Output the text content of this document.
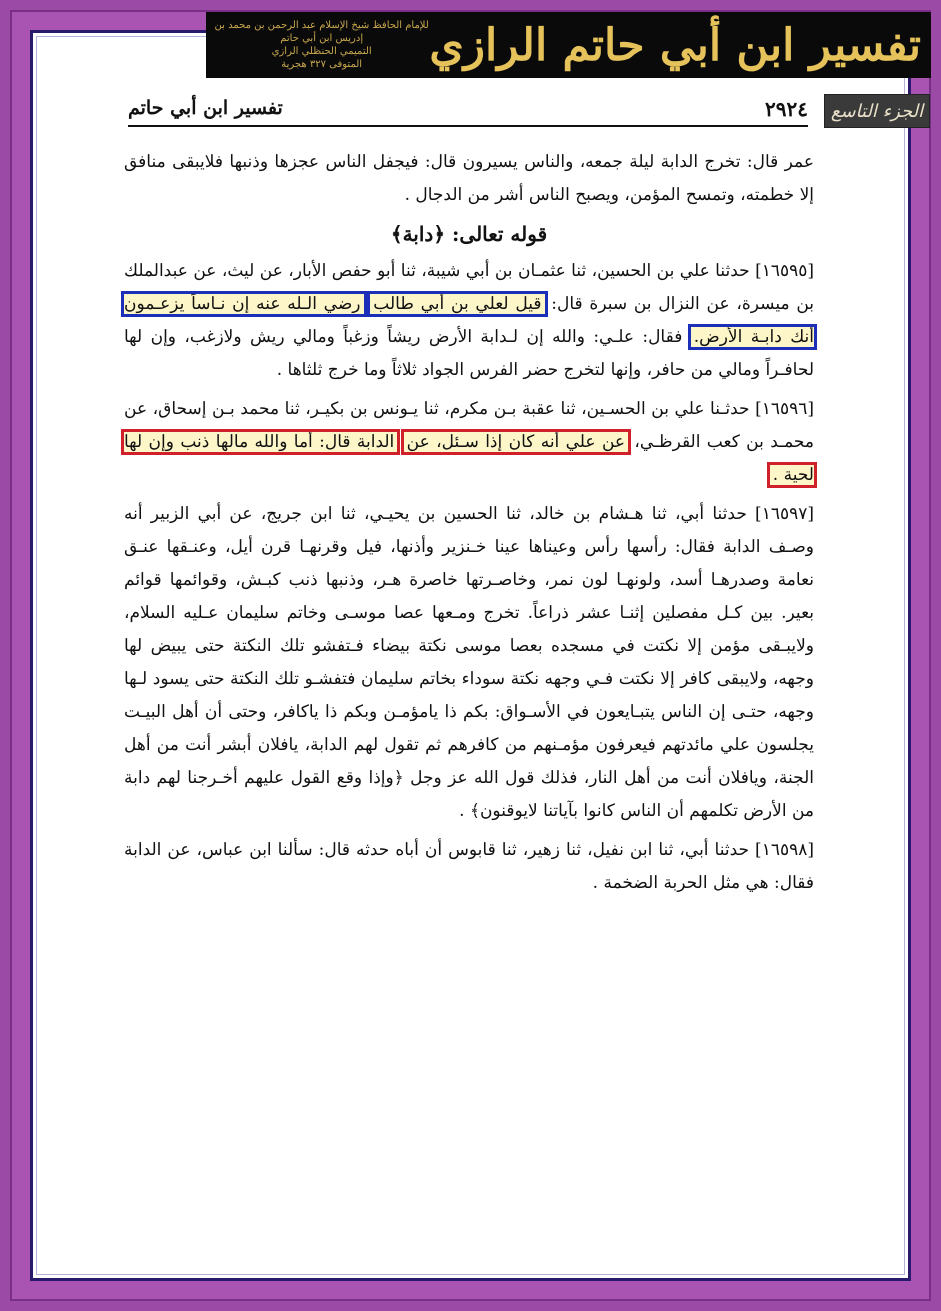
تفسير ابن أبي حاتم الرازي
للإمام الحافظ شيخ الإسلام عبد الرحمن بن محمد بن إدريس ابن أبي حاتم
التميمي الحنظلي الرازي
المتوفى ٣٢٧ هجرية
الجزء التاسع
٢٩٢٤
تفسير ابن أبي حاتم

عمر قال: تخرج الدابة ليلة جمعه، والناس يسيرون قال: فيجفل الناس عجزها وذنبها فلايبقى منافق إلا خطمته، وتمسح المؤمن، ويصبح الناس أشر من الدجال .

قوله تعالى: ﴿دابة﴾

[١٦٥٩٥] حدثنا علي بن الحسين، ثنا عثمـان بن أبي شيبة، ثنا أبو حفص الأبار، عن ليث، عن عبدالملك بن ميسرة، عن النزال بن سبرة قال: قيل لعلي بن أبي طالب رضي الـله عنه إن نـاساً يزعـمون أنك دابـة الأرض. فقال: علـي: والله إن لـدابة الأرض ريشاً وزغباً ومالي ريش ولازغب، وإن لها لحافـراً ومالي من حافر، وإنها لتخرج حضر الفرس الجواد ثلاثاً وما خرج ثلثاها .

[١٦٥٩٦] حدثـنا علي بن الحسـين، ثنا عقبة بـن مكرم، ثنا يـونس بن بكيـر، ثنا محمد بـن إسحاق، عن محمـد بن كعب القرظـي، عن علي أنه كان إذا سـئل، عن الدابة قال: أما والله مالها ذنب وإن لها لحية .

[١٦٥٩٧] حدثنا أبي، ثنا هـشام بن خالد، ثنا الحسين بن يحيـي، ثنا ابن جريج، عن أبي الزبير أنه وصـف الدابة فقال: رأسها رأس وعيناها عينا خـنزير وأذنها، فيل وقرنهـا قرن أيل، وعنـقها عنـق نعامة وصدرهـا أسد، ولونهـا لون نمر، وخاصـرتها خاصرة هـر، وذنبها ذنب كبـش، وقوائمها قوائم بعير. بين كـل مفصلين إثنـا عشر ذراعاً. تخرج ومـعها عصا موسـى وخاتم سليمان عـليه السلام، ولايبـقى مؤمن إلا نكتت في مسجده بعصا موسى نكتة بيضاء فـتفشو تلك النكتة حتى يبيض لها وجهه، ولايبقى كافر إلا نكتت فـي وجهه نكتة سوداء بخاتم سليمان فتفشـو تلك النكتة حتى يسود لـها وجهه، حتـى إن الناس يتبـايعون في الأسـواق: بكم ذا يامؤمـن وبكم ذا ياكافر، وحتى أن أهل البيـت يجلسون علي مائدتهم فيعرفون مؤمـنهم من كافرهم ثم تقول لهم الدابة، يافلان أبشر أنت من أهل الجنة، ويافلان أنت من أهل النار، فذلك قول الله عز وجل ﴿وإذا وقع القول عليهم أخـرجنا لهم دابة من الأرض تكلمهم أن الناس كانوا بآياتنا لايوقنون﴾ .

[١٦٥٩٨] حدثنا أبي، ثنا ابن نفيل، ثنا زهير، ثنا قابوس أن أباه حدثه قال: سألنا ابن عباس، عن الدابة فقال: هي مثل الحربة الضخمة .
